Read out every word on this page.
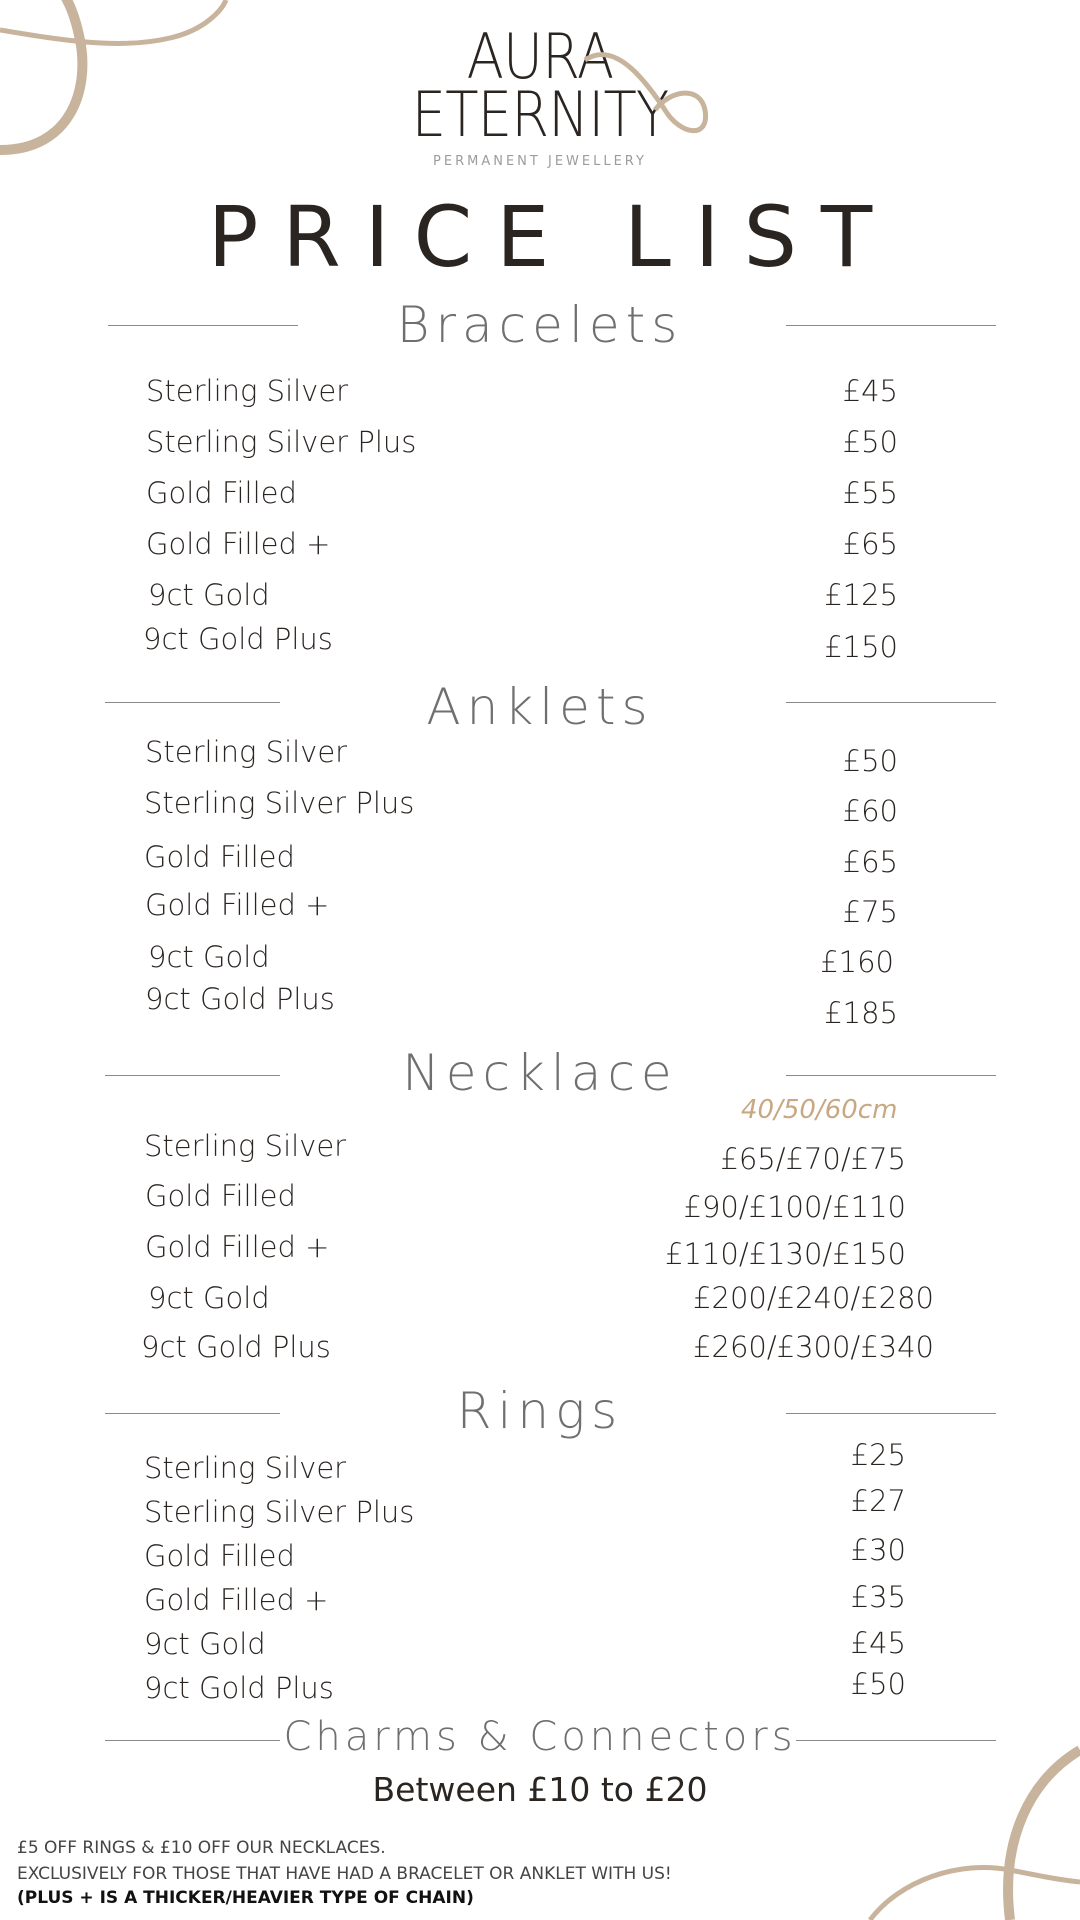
AURA
ETERNITY
PERMANENT JEWELLERY
PRICE LIST
Bracelets
Sterling Silver	£45
Sterling Silver Plus	£50
Gold Filled	£55
Gold Filled +	£65
9ct Gold	£125
9ct Gold Plus	£150
Anklets
Sterling Silver	£50
Sterling Silver Plus	£60
Gold Filled	£65
Gold Filled +	£75
9ct Gold	£160
9ct Gold Plus	£185
Necklace
40/50/60cm
Sterling Silver	£65/£70/£75
Gold Filled	£90/£100/£110
Gold Filled +	£110/£130/£150
9ct Gold	£200/£240/£280
9ct Gold Plus	£260/£300/£340
Rings
Sterling Silver	£25
Sterling Silver Plus	£27
Gold Filled	£30
Gold Filled +	£35
9ct Gold	£45
9ct Gold Plus	£50
Charms & Connectors
Between £10 to £20
£5 OFF RINGS & £10 OFF OUR NECKLACES.
EXCLUSIVELY FOR THOSE THAT HAVE HAD A BRACELET OR ANKLET WITH US!
(PLUS + IS A THICKER/HEAVIER TYPE OF CHAIN)
